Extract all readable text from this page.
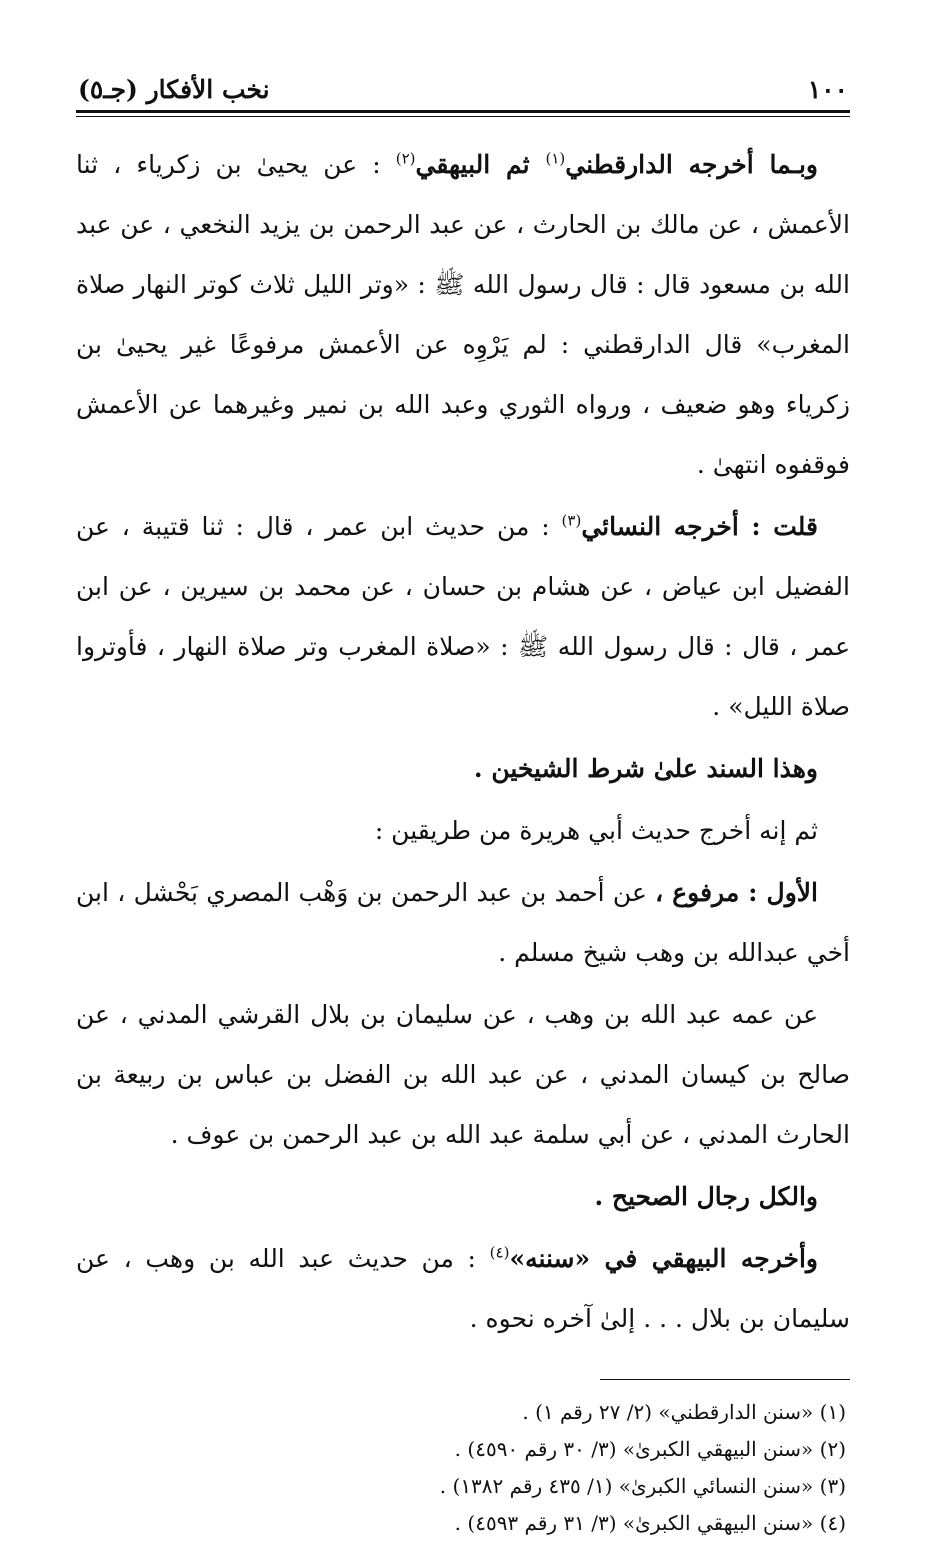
١٠٠
نخب الأفكار (جـ٥)

وبـما أخرجه الدارقطني$^{(١)}$ ثم البيهقي$^{(٢)}$ : عن يحيىٰ بن زكرياء ، ثنا الأعمش ، عن مالك بن الحارث ، عن عبد الرحمن بن يزيد النخعي ، عن عبد الله بن مسعود قال : قال رسول الله ﷺ : «وتر الليل ثلاث كوتر النهار صلاة المغرب» قال الدارقطني : لم يَرْوِه عن الأعمش مرفوعًا غير يحيىٰ بن زكرياء وهو ضعيف ، ورواه الثوري وعبد الله بن نمير وغيرهما عن الأعمش فوقفوه انتهىٰ .

قلت : أخرجه النسائي$^{(٣)}$ : من حديث ابن عمر ، قال : ثنا قتيبة ، عن الفضيل ابن عياض ، عن هشام بن حسان ، عن محمد بن سيرين ، عن ابن عمر ، قال : قال رسول الله ﷺ : «صلاة المغرب وتر صلاة النهار ، فأوتروا صلاة الليل» .

وهذا السند علىٰ شرط الشيخين .

ثم إنه أخرج حديث أبي هريرة من طريقين :

الأول : مرفوع ، عن أحمد بن عبد الرحمن بن وَهْب المصري بَحْشل ، ابن أخي عبدالله بن وهب شيخ مسلم .

عن عمه عبد الله بن وهب ، عن سليمان بن بلال القرشي المدني ، عن صالح بن كيسان المدني ، عن عبد الله بن الفضل بن عباس بن ربيعة بن الحارث المدني ، عن أبي سلمة عبد الله بن عبد الرحمن بن عوف .

والكل رجال الصحيح .

وأخرجه البيهقي في «سننه»$^{(٤)}$ : من حديث عبد الله بن وهب ، عن سليمان بن بلال . . . إلىٰ آخره نحوه .

(١) «سنن الدارقطني» (٢/ ٢٧ رقم ١) .
(٢) «سنن البيهقي الكبرىٰ» (٣/ ٣٠ رقم ٤٥٩٠) .
(٣) «سنن النسائي الكبرىٰ» (١/ ٤٣٥ رقم ١٣٨٢) .
(٤) «سنن البيهقي الكبرىٰ» (٣/ ٣١ رقم ٤٥٩٣) .
